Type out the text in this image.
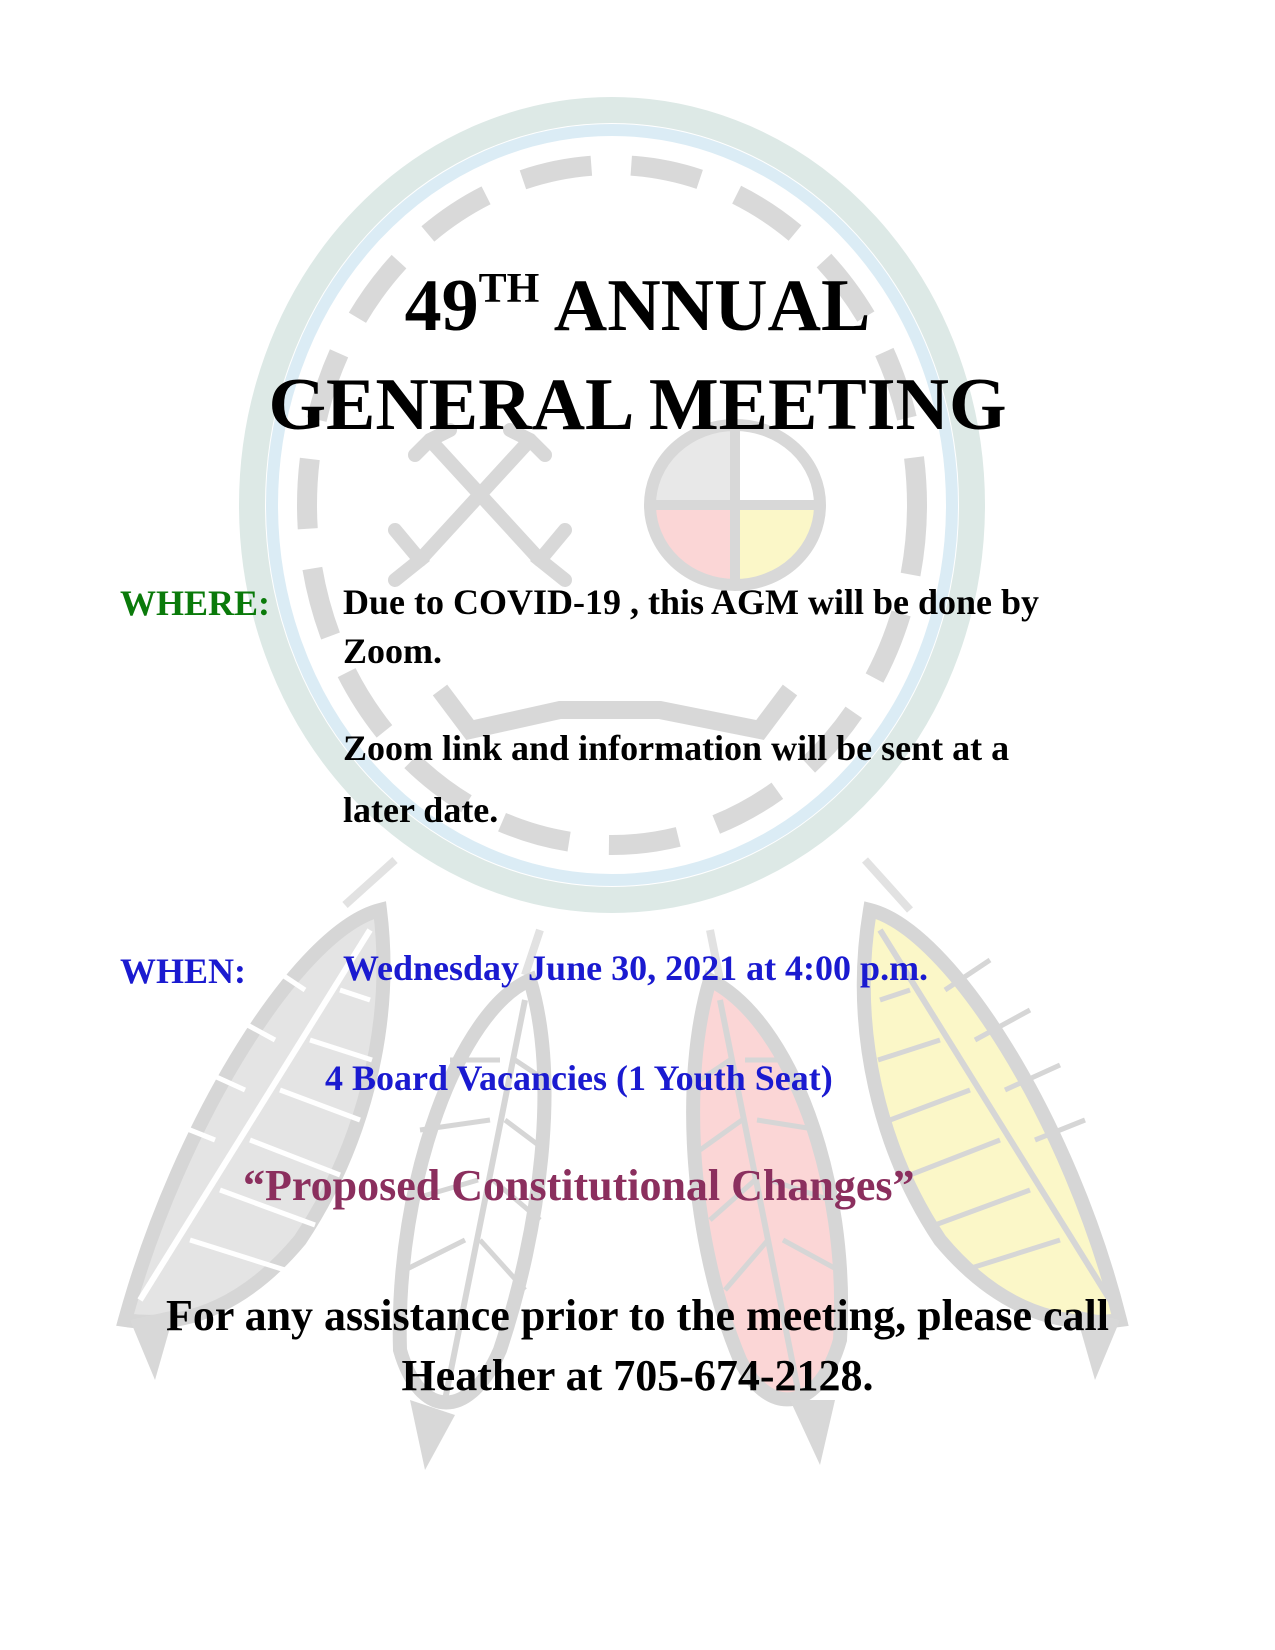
49TH ANNUAL

GENERAL MEETING

WHERE: Due to COVID-19 , this AGM will be done by

Zoom.

Zoom link and information will be sent at a

later date.

WHEN:	Wednesday June 30, 2021 at 4:00 p.m.

4 Board Vacancies (1 Youth Seat)

“Proposed Constitutional Changes”

For any assistance prior to the meeting, please call

Heather at 705-674-2128.
